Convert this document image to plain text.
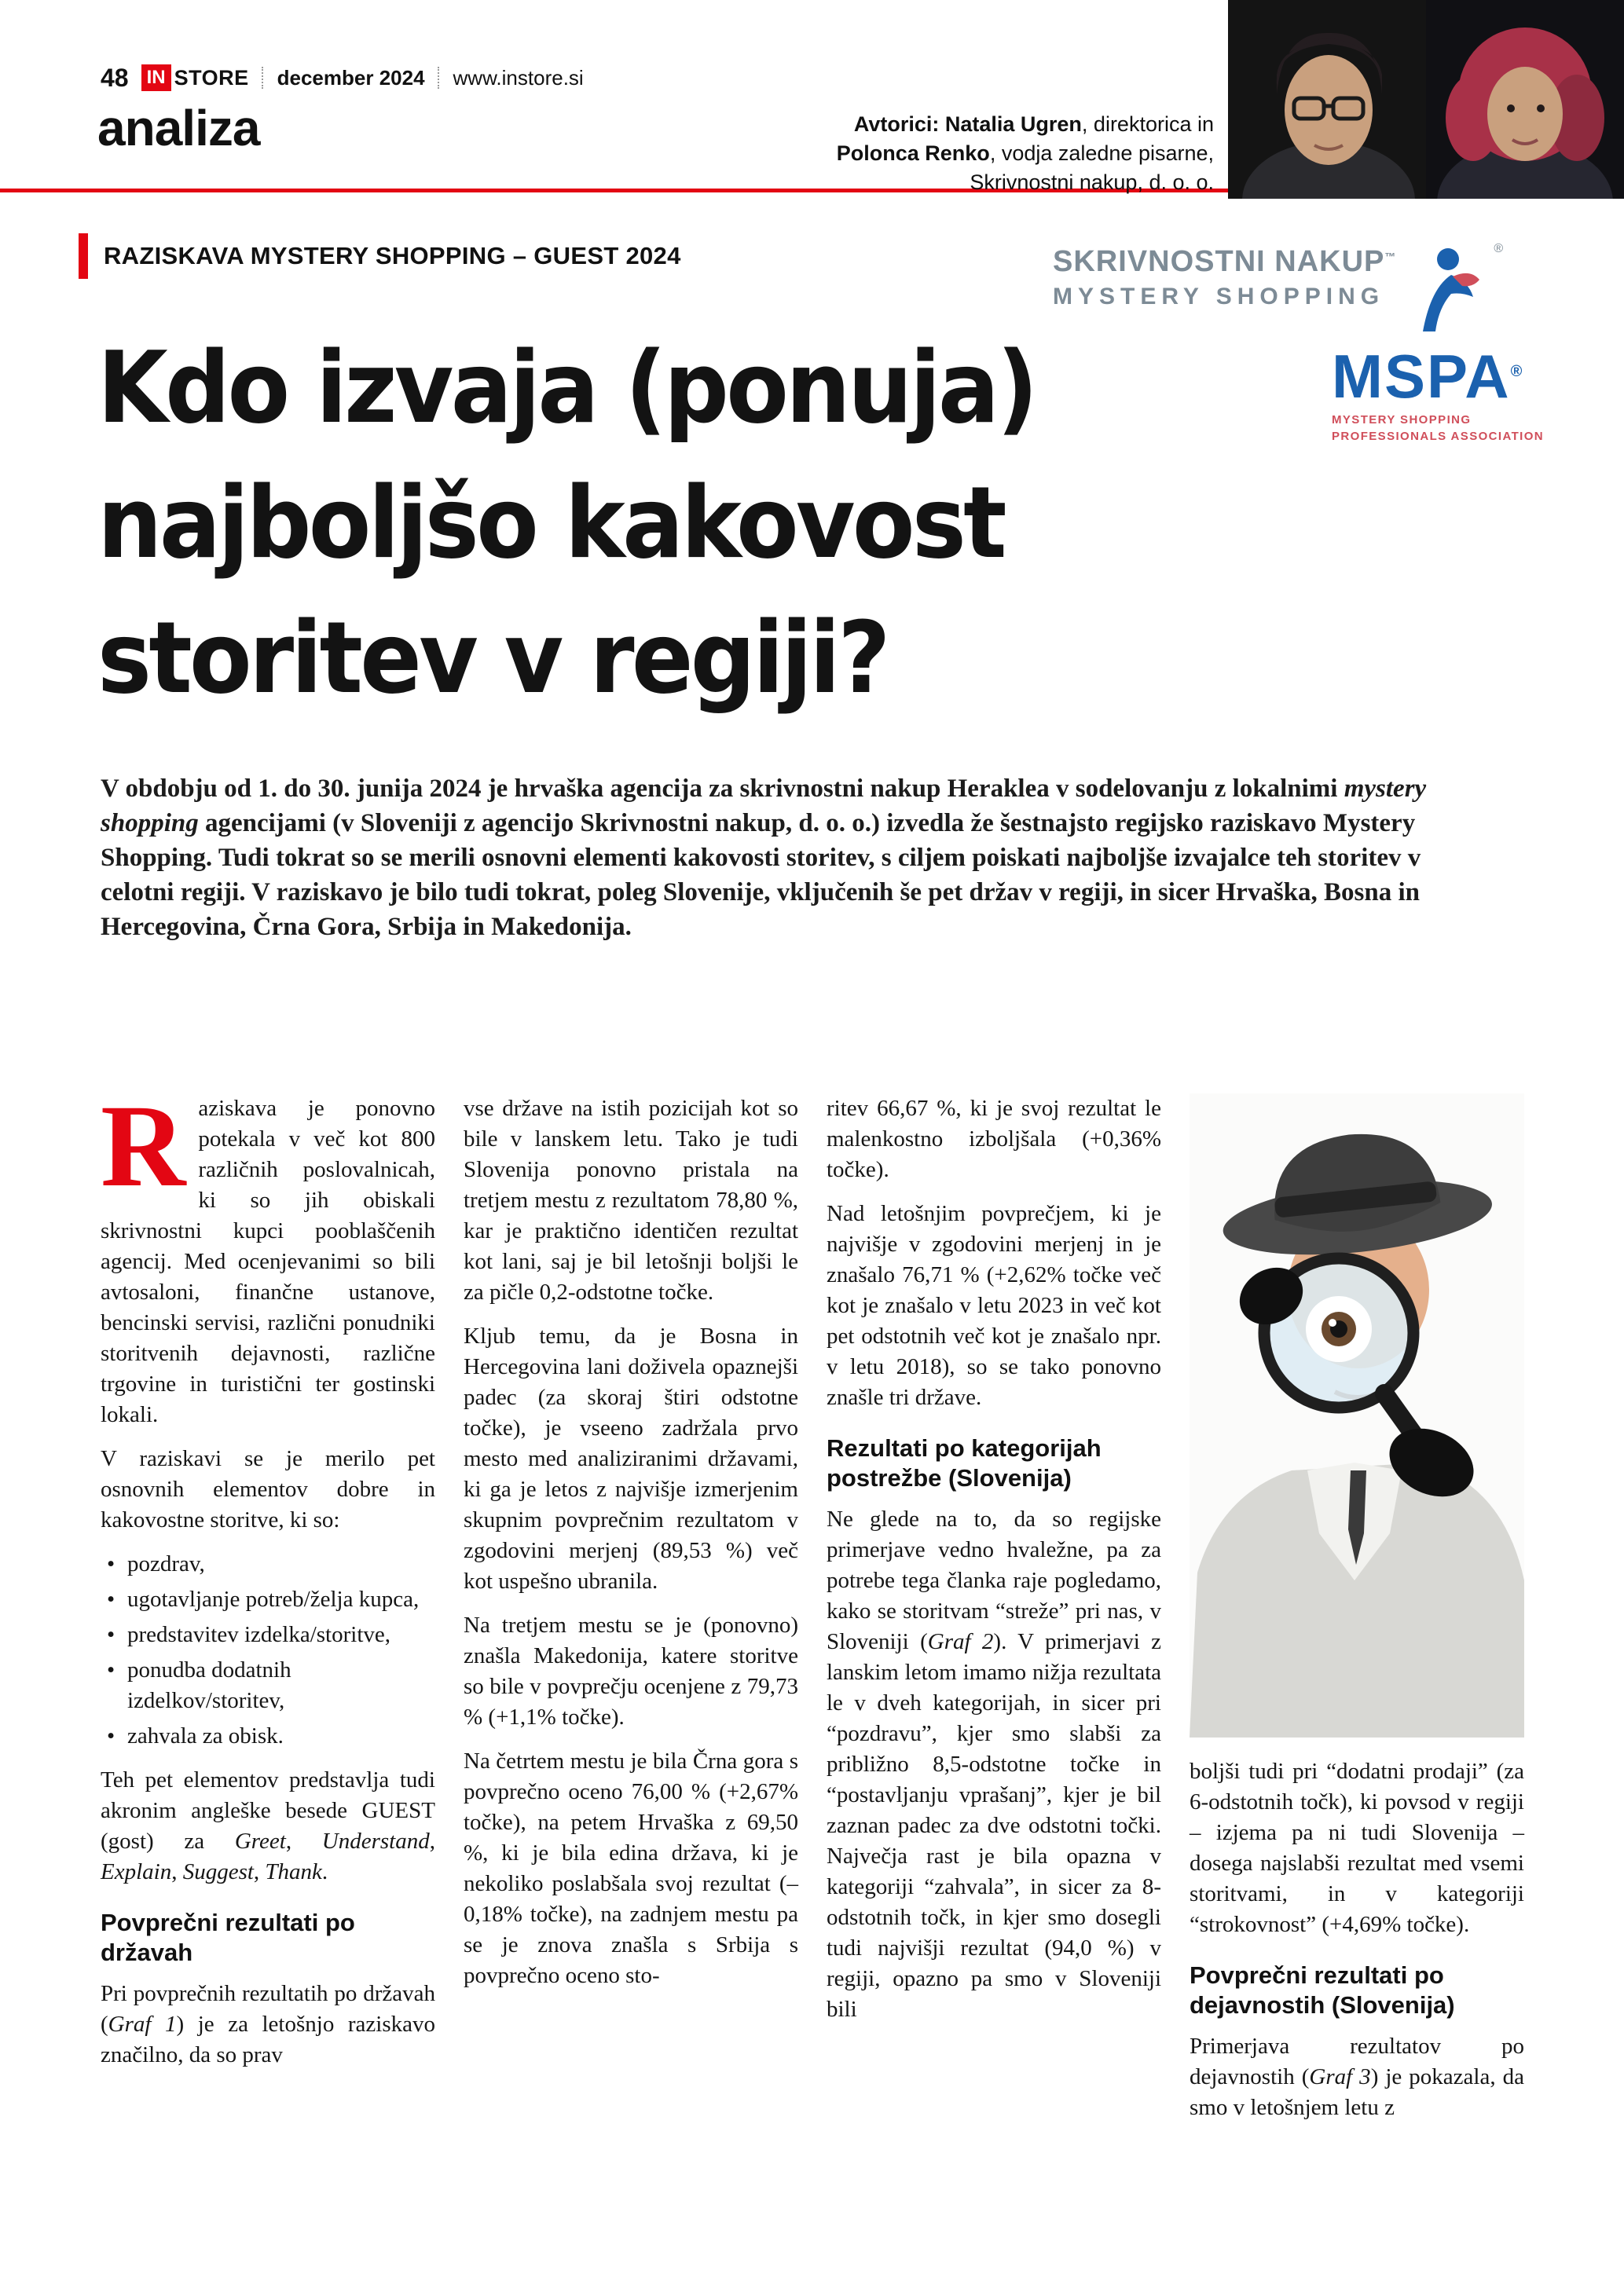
48 IN STORE december 2024 www.instore.si
analiza	Avtorici: Natalia Ugren, direktorica in
Polonca Renko, vodja zaledne pisarne,
Skrivnostni nakup, d. o. o.
RAZISKAVA MYSTERY SHOPPING – GUEST 2024	SKRIVNOSTNI NAKUP™
MYSTERY SHOPPING
®
MSPA®
MYSTERY SHOPPING
PROFESSIONALS ASSOCIATION
Kdo izvaja (ponuja)
najboljšo kakovost
storitev v regiji?
V obdobju od 1. do 30. junija 2024 je hrvaška agencija za skrivnostni nakup Heraklea v sodelovanju z lokalnimi mystery shopping agencijami (v Sloveniji z agencijo Skrivnostni nakup, d. o. o.) izvedla že šestnajsto regijsko raziskavo Mystery Shopping. Tudi tokrat so se merili osnovni elementi kakovosti storitev, s ciljem poiskati najboljše izvajalce teh storitev v celotni regiji. V raziskavo je bilo tudi tokrat, poleg Slovenije, vključenih še pet držav v regiji, in sicer Hrvaška, Bosna in Hercegovina, Črna Gora, Srbija in Makedonija.

Raziskava je ponovno potekala v več kot 800 različnih poslovalnicah, ki so jih obiskali skrivnostni kupci pooblaščenih agencij. Med ocenjevanimi so bili avtosaloni, finančne ustanove, bencinski servisi, različni ponudniki storitvenih dejavnosti, različne trgovine in turistični ter gostinski lokali.

V raziskavi se je merilo pet osnovnih elementov dobre in kakovostne storitve, ki so:

• pozdrav,
• ugotavljanje potreb/želja kupca,
• predstavitev izdelka/storitve,
• ponudba dodatnih izdelkov/storitev,
• zahvala za obisk.

Teh pet elementov predstavlja tudi akronim angleške besede GUEST (gost) za Greet, Understand, Explain, Suggest, Thank.

Povprečni rezultati po državah

Pri povprečnih rezultatih po državah (Graf 1) je za letošnjo raziskavo značilno, da so prav

vse države na istih pozicijah kot so bile v lanskem letu. Tako je tudi Slovenija ponovno pristala na tretjem mestu z rezultatom 78,80 %, kar je praktično identičen rezultat kot lani, saj je bil letošnji boljši le za pičle 0,2-odstotne točke.

Kljub temu, da je Bosna in Hercegovina lani doživela opaznejši padec (za skoraj štiri odstotne točke), je vseeno zadržala prvo mesto med analiziranimi državami, ki ga je letos z najvišje izmerjenim skupnim povprečnim rezultatom v zgodovini merjenj (89,53 %) več kot uspešno ubranila.

Na tretjem mestu se je (ponovno) znašla Makedonija, katere storitve so bile v povprečju ocenjene z 79,73 % (+1,1% točke).

Na četrtem mestu je bila Črna gora s povprečno oceno 76,00 % (+2,67% točke), na petem Hrvaška z 69,50 %, ki je bila edina država, ki je nekoliko poslabšala svoj rezultat (–0,18% točke), na zadnjem mestu pa se je znova znašla s Srbija s povprečno oceno sto-

ritev 66,67 %, ki je svoj rezultat le malenkostno izboljšala (+0,36% točke).

Nad letošnjim povprečjem, ki je najvišje v zgodovini merjenj in je znašalo 76,71 % (+2,62% točke več kot je znašalo v letu 2023 in več kot pet odstotnih več kot je znašalo npr. v letu 2018), so se tako ponovno znašle tri države.

Rezultati po kategorijah postrežbe (Slovenija)

Ne glede na to, da so regijske primerjave vedno hvaležne, pa za potrebe tega članka raje pogledamo, kako se storitvam “streže” pri nas, v Sloveniji (Graf 2). V primerjavi z lanskim letom imamo nižja rezultata le v dveh kategorijah, in sicer pri “pozdravu”, kjer smo slabši za približno 8,5-odstotne točke in “postavljanju vprašanj”, kjer je bil zaznan padec za dve odstotni točki. Največja rast je bila opazna v kategoriji “zahvala”, in sicer za 8-odstotnih točk, in kjer smo dosegli tudi najvišji rezultat (94,0 %) v regiji, opazno pa smo v Sloveniji bili

boljši tudi pri “dodatni prodaji” (za 6-odstotnih točk), ki povsod v regiji – izjema pa ni tudi Slovenija – dosega najslabši rezultat med vsemi storitvami, in v kategoriji “strokovnost” (+4,69% točke).

Povprečni rezultati po dejavnostih (Slovenija)

Primerjava rezultatov po dejavnostih (Graf 3) je pokazala, da smo v letošnjem letu z
